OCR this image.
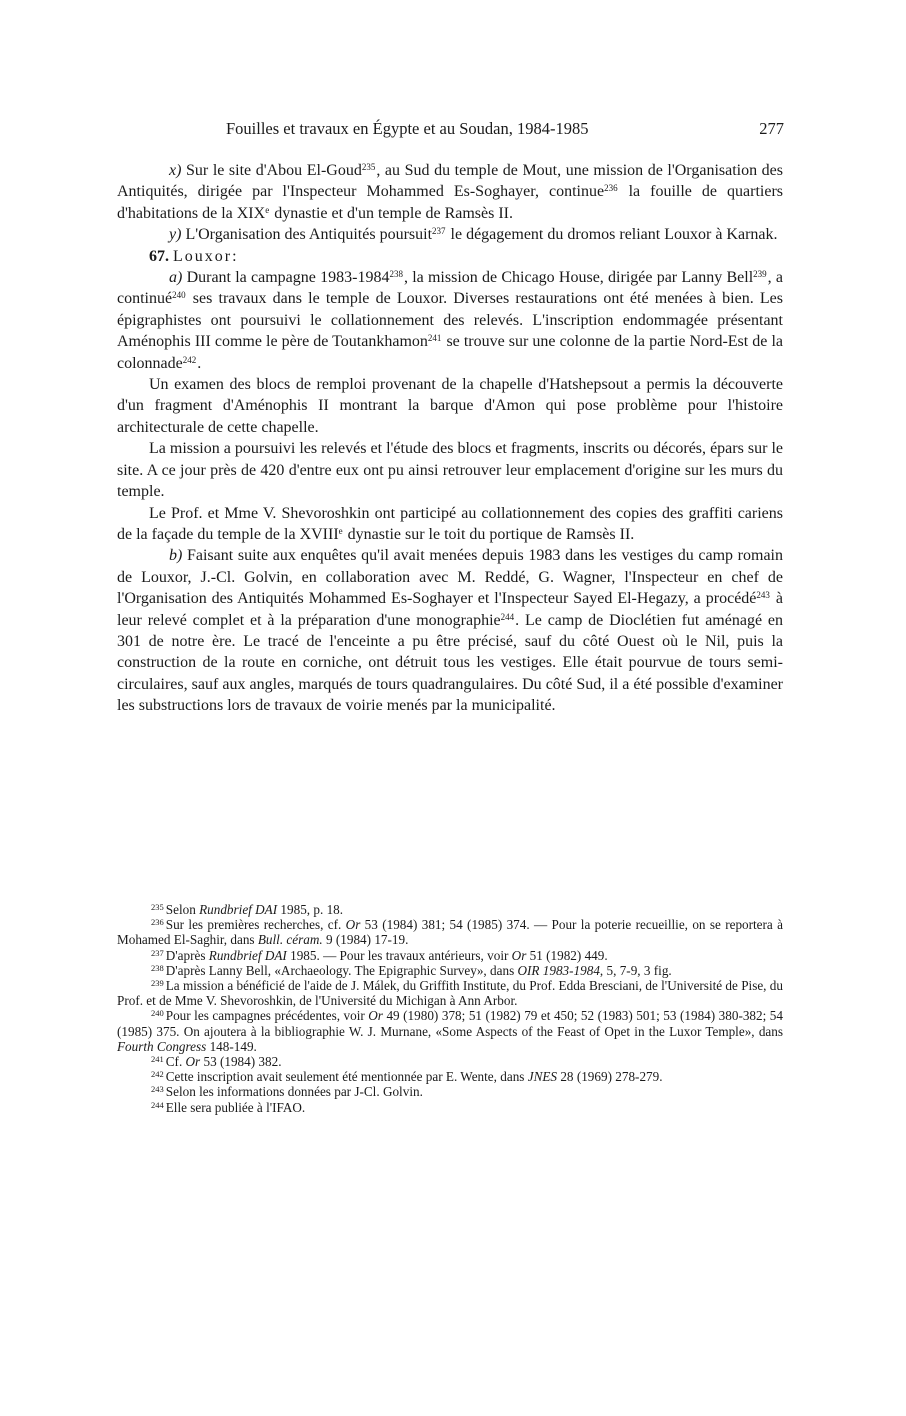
Fouilles et travaux en Égypte et au Soudan, 1984-1985	277

x) Sur le site d'Abou El-Goud$^{235}$, au Sud du temple de Mout, une mission de l'Organisation des Antiquités, dirigée par l'Inspecteur Mohammed Es-Soghayer, continue$^{236}$ la fouille de quartiers d'habitations de la XIXe dynastie et d'un temple de Ramsès II.

y) L'Organisation des Antiquités poursuit$^{237}$ le dégagement du dromos reliant Louxor à Karnak.

67. Louxor:

a) Durant la campagne 1983-1984$^{238}$, la mission de Chicago House, dirigée par Lanny Bell$^{239}$, a continué$^{240}$ ses travaux dans le temple de Louxor. Diverses restaurations ont été menées à bien. Les épigraphistes ont poursuivi le collationnement des relevés. L'inscription endommagée présentant Aménophis III comme le père de Toutankhamon$^{241}$ se trouve sur une colonne de la partie Nord-Est de la colonnade$^{242}$.

Un examen des blocs de remploi provenant de la chapelle d'Hatshepsout a permis la découverte d'un fragment d'Aménophis II montrant la barque d'Amon qui pose problème pour l'histoire architecturale de cette chapelle.

La mission a poursuivi les relevés et l'étude des blocs et fragments, inscrits ou décorés, épars sur le site. A ce jour près de 420 d'entre eux ont pu ainsi retrouver leur emplacement d'origine sur les murs du temple.

Le Prof. et Mme V. Shevoroshkin ont participé au collationnement des copies des graffiti cariens de la façade du temple de la XVIIIe dynastie sur le toit du portique de Ramsès II.

b) Faisant suite aux enquêtes qu'il avait menées depuis 1983 dans les vestiges du camp romain de Louxor, J.-Cl. Golvin, en collaboration avec M. Reddé, G. Wagner, l'Inspecteur en chef de l'Organisation des Antiquités Mohammed Es-Soghayer et l'Inspecteur Sayed El-Hegazy, a procédé$^{243}$ à leur relevé complet et à la préparation d'une monographie$^{244}$. Le camp de Dioclétien fut aménagé en 301 de notre ère. Le tracé de l'enceinte a pu être précisé, sauf du côté Ouest où le Nil, puis la construction de la route en corniche, ont détruit tous les vestiges. Elle était pourvue de tours semi-circulaires, sauf aux angles, marqués de tours quadrangulaires. Du côté Sud, il a été possible d'examiner les substructions lors de travaux de voirie menés par la municipalité.

$^{235}$ Selon Rundbrief DAI 1985, p. 18.

$^{236}$ Sur les premières recherches, cf. Or 53 (1984) 381; 54 (1985) 374. — Pour la poterie recueillie, on se reportera à Mohamed El-Saghir, dans Bull. céram. 9 (1984) 17-19.

$^{237}$ D'après Rundbrief DAI 1985. — Pour les travaux antérieurs, voir Or 51 (1982) 449.

$^{238}$ D'après Lanny Bell, «Archaeology. The Epigraphic Survey», dans OIR 1983-1984, 5, 7-9, 3 fig.

$^{239}$ La mission a bénéficié de l'aide de J. Málek, du Griffith Institute, du Prof. Edda Bresciani, de l'Université de Pise, du Prof. et de Mme V. Shevoroshkin, de l'Université du Michigan à Ann Arbor.

$^{240}$ Pour les campagnes précédentes, voir Or 49 (1980) 378; 51 (1982) 79 et 450; 52 (1983) 501; 53 (1984) 380-382; 54 (1985) 375. On ajoutera à la bibliographie W. J. Murnane, «Some Aspects of the Feast of Opet in the Luxor Temple», dans Fourth Congress 148-149.

$^{241}$ Cf. Or 53 (1984) 382.

$^{242}$ Cette inscription avait seulement été mentionnée par E. Wente, dans JNES 28 (1969) 278-279.

$^{243}$ Selon les informations données par J-Cl. Golvin.

$^{244}$ Elle sera publiée à l'IFAO.
